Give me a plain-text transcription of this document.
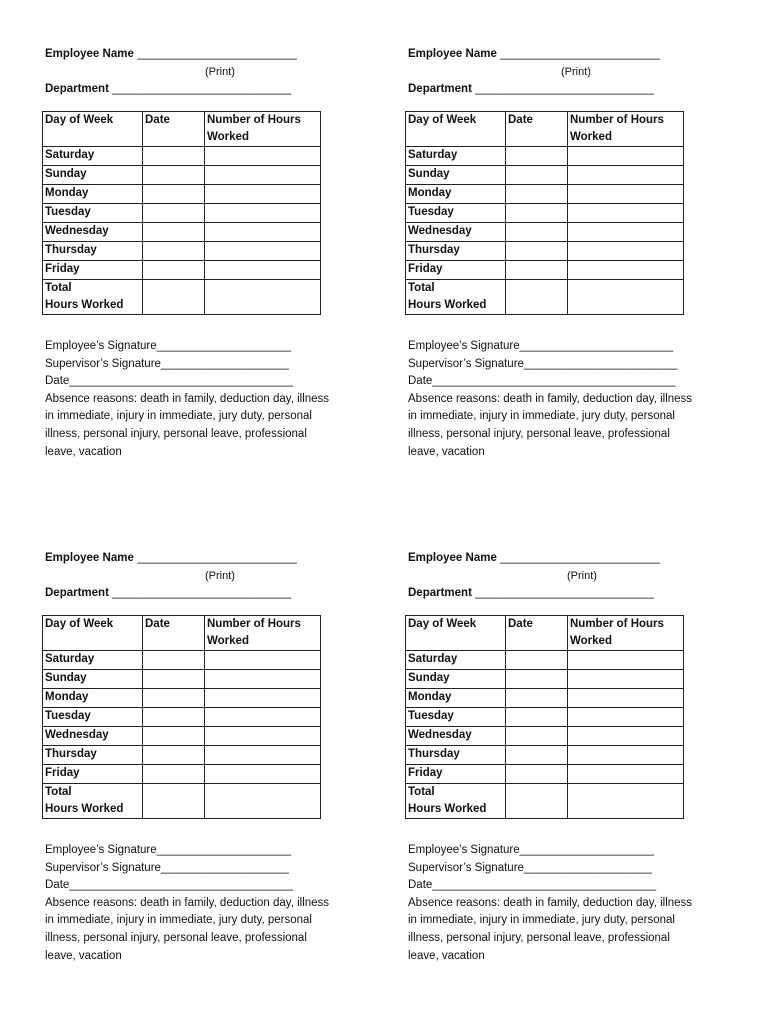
Employee Name _________________________
(Print)
Department ____________________________
Day of Week	Date	Number of Hours Worked
Saturday		
Sunday		
Monday		
Tuesday		
Wednesday		
Thursday		
Friday		
Total
Hours Worked		
Employee’s Signature_____________________
Supervisor’s Signature____________________
Date___________________________________
Absence reasons: death in family, deduction day, illness in immediate, injury in immediate, jury duty, personal illness, personal injury, personal leave, professional leave, vacation
Employee Name _________________________
(Print)
Department ____________________________
Day of Week	Date	Number of Hours Worked
Saturday		
Sunday		
Monday		
Tuesday		
Wednesday		
Thursday		
Friday		
Total
Hours Worked		
Employee’s Signature________________________
Supervisor’s Signature________________________
Date______________________________________
Absence reasons: death in family, deduction day, illness in immediate, injury in immediate, jury duty, personal illness, personal injury, personal leave, professional leave, vacation
Employee Name _________________________
(Print)
Department ____________________________
Day of Week	Date	Number of Hours Worked
Saturday		
Sunday		
Monday		
Tuesday		
Wednesday		
Thursday		
Friday		
Total
Hours Worked		
Employee’s Signature_____________________
Supervisor’s Signature____________________
Date___________________________________
Absence reasons: death in family, deduction day, illness in immediate, injury in immediate, jury duty, personal illness, personal injury, personal leave, professional leave, vacation
Employee Name _________________________
(Print)
Department ____________________________
Day of Week	Date	Number of Hours Worked
Saturday		
Sunday		
Monday		
Tuesday		
Wednesday		
Thursday		
Friday		
Total
Hours Worked		
Employee’s Signature_____________________
Supervisor’s Signature____________________
Date___________________________________
Absence reasons: death in family, deduction day, illness in immediate, injury in immediate, jury duty, personal illness, personal injury, personal leave, professional leave, vacation
